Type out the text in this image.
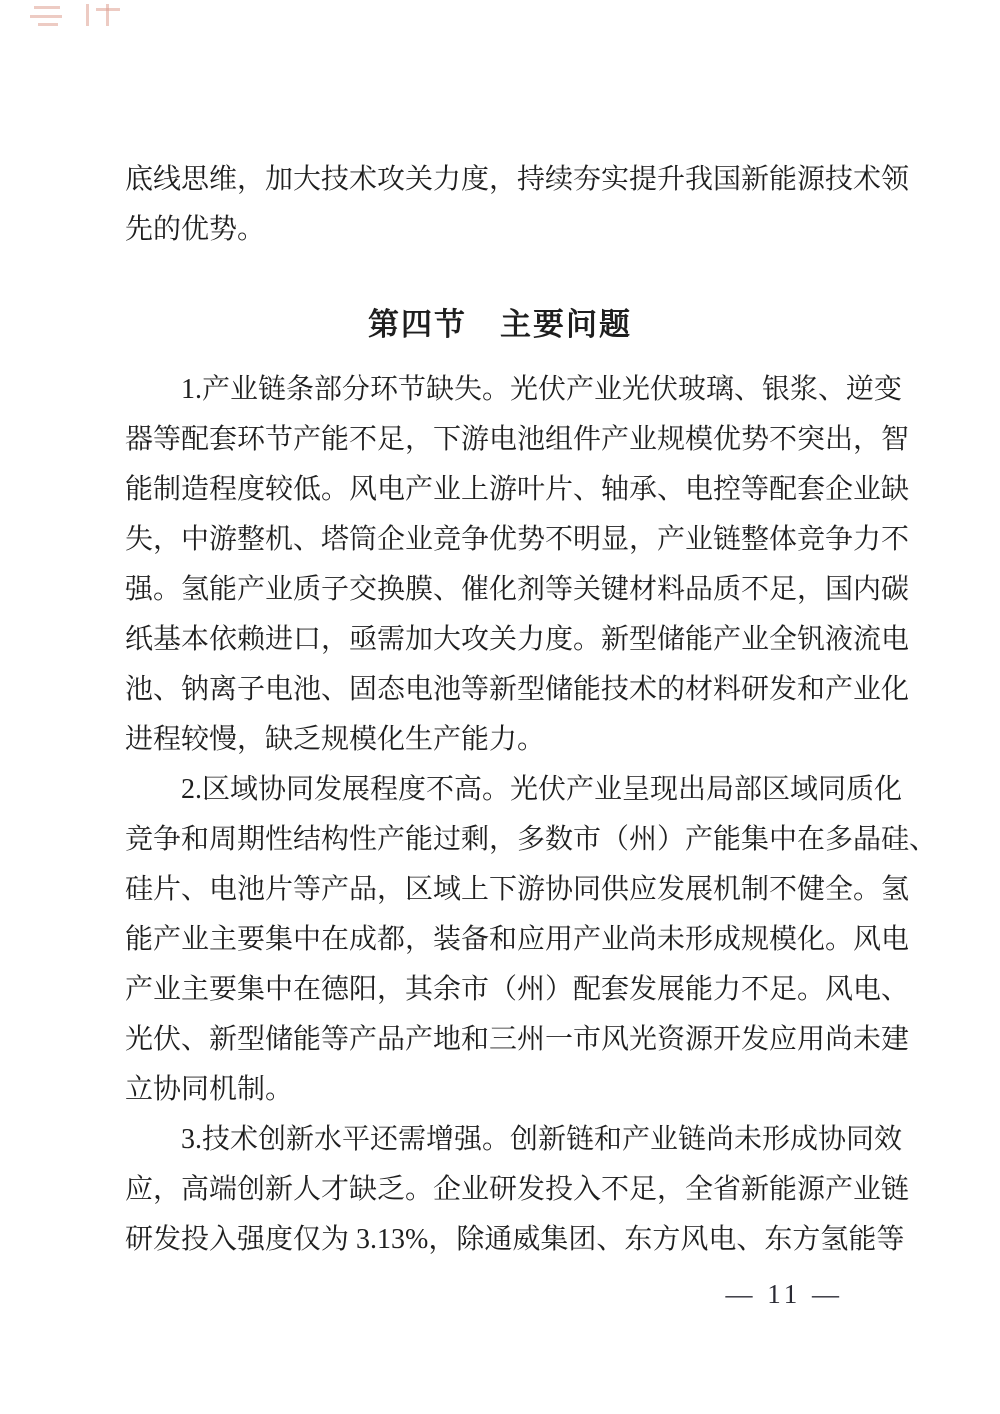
底线思维，加大技术攻关力度，持续夯实提升我国新能源技术领

先的优势。

第四节　主要问题

1.产业链条部分环节缺失。光伏产业光伏玻璃、银浆、逆变

器等配套环节产能不足，下游电池组件产业规模优势不突出，智

能制造程度较低。风电产业上游叶片、轴承、电控等配套企业缺

失，中游整机、塔筒企业竞争优势不明显，产业链整体竞争力不

强。氢能产业质子交换膜、催化剂等关键材料品质不足，国内碳

纸基本依赖进口，亟需加大攻关力度。新型储能产业全钒液流电

池、钠离子电池、固态电池等新型储能技术的材料研发和产业化

进程较慢，缺乏规模化生产能力。

2.区域协同发展程度不高。光伏产业呈现出局部区域同质化

竞争和周期性结构性产能过剩，多数市（州）产能集中在多晶硅、

硅片、电池片等产品，区域上下游协同供应发展机制不健全。氢

能产业主要集中在成都，装备和应用产业尚未形成规模化。风电

产业主要集中在德阳，其余市（州）配套发展能力不足。风电、

光伏、新型储能等产品产地和三州一市风光资源开发应用尚未建

立协同机制。

3.技术创新水平还需增强。创新链和产业链尚未形成协同效

应，高端创新人才缺乏。企业研发投入不足，全省新能源产业链

研发投入强度仅为 3.13%，除通威集团、东方风电、东方氢能等

— 11 —
